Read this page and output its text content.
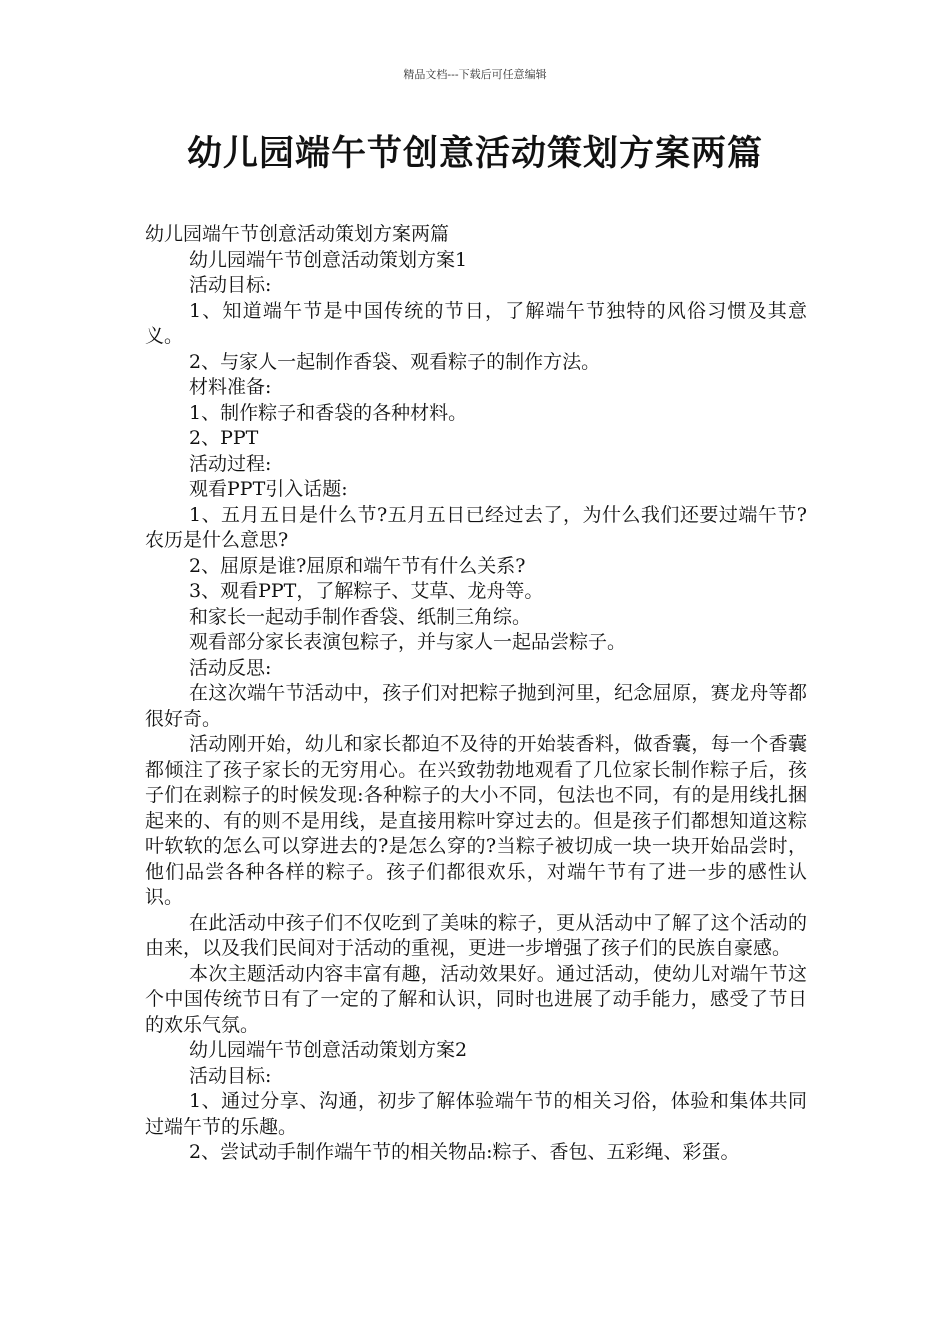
精品文档---下载后可任意编辑
幼儿园端午节创意活动策划方案两篇

幼儿园端午节创意活动策划方案两篇

幼儿园端午节创意活动策划方案1

活动目标:

1、知道端午节是中国传统的节日，了解端午节独特的风俗习惯及其意义。

2、与家人一起制作香袋、观看粽子的制作方法。

材料准备:

1、制作粽子和香袋的各种材料。

2、PPT

活动过程:

观看PPT引入话题:

1、五月五日是什么节?五月五日已经过去了，为什么我们还要过端午节?农历是什么意思?

2、屈原是谁?屈原和端午节有什么关系?

3、观看PPT，了解粽子、艾草、龙舟等。

和家长一起动手制作香袋、纸制三角综。

观看部分家长表演包粽子，并与家人一起品尝粽子。

活动反思:

在这次端午节活动中，孩子们对把粽子抛到河里，纪念屈原，赛龙舟等都很好奇。

活动刚开始，幼儿和家长都迫不及待的开始装香料，做香囊，每一个香囊都倾注了孩子家长的无穷用心。在兴致勃勃地观看了几位家长制作粽子后，孩子们在剥粽子的时候发现:各种粽子的大小不同，包法也不同，有的是用线扎捆起来的、有的则不是用线，是直接用粽叶穿过去的。但是孩子们都想知道这粽叶软软的怎么可以穿进去的?是怎么穿的?当粽子被切成一块一块开始品尝时，他们品尝各种各样的粽子。孩子们都很欢乐，对端午节有了进一步的感性认识。

在此活动中孩子们不仅吃到了美味的粽子，更从活动中了解了这个活动的由来，以及我们民间对于活动的重视，更进一步增强了孩子们的民族自豪感。

本次主题活动内容丰富有趣，活动效果好。通过活动，使幼儿对端午节这个中国传统节日有了一定的了解和认识，同时也进展了动手能力，感受了节日的欢乐气氛。

幼儿园端午节创意活动策划方案2

活动目标:

1、通过分享、沟通，初步了解体验端午节的相关习俗，体验和集体共同过端午节的乐趣。

2、尝试动手制作端午节的相关物品:粽子、香包、五彩绳、彩蛋。
